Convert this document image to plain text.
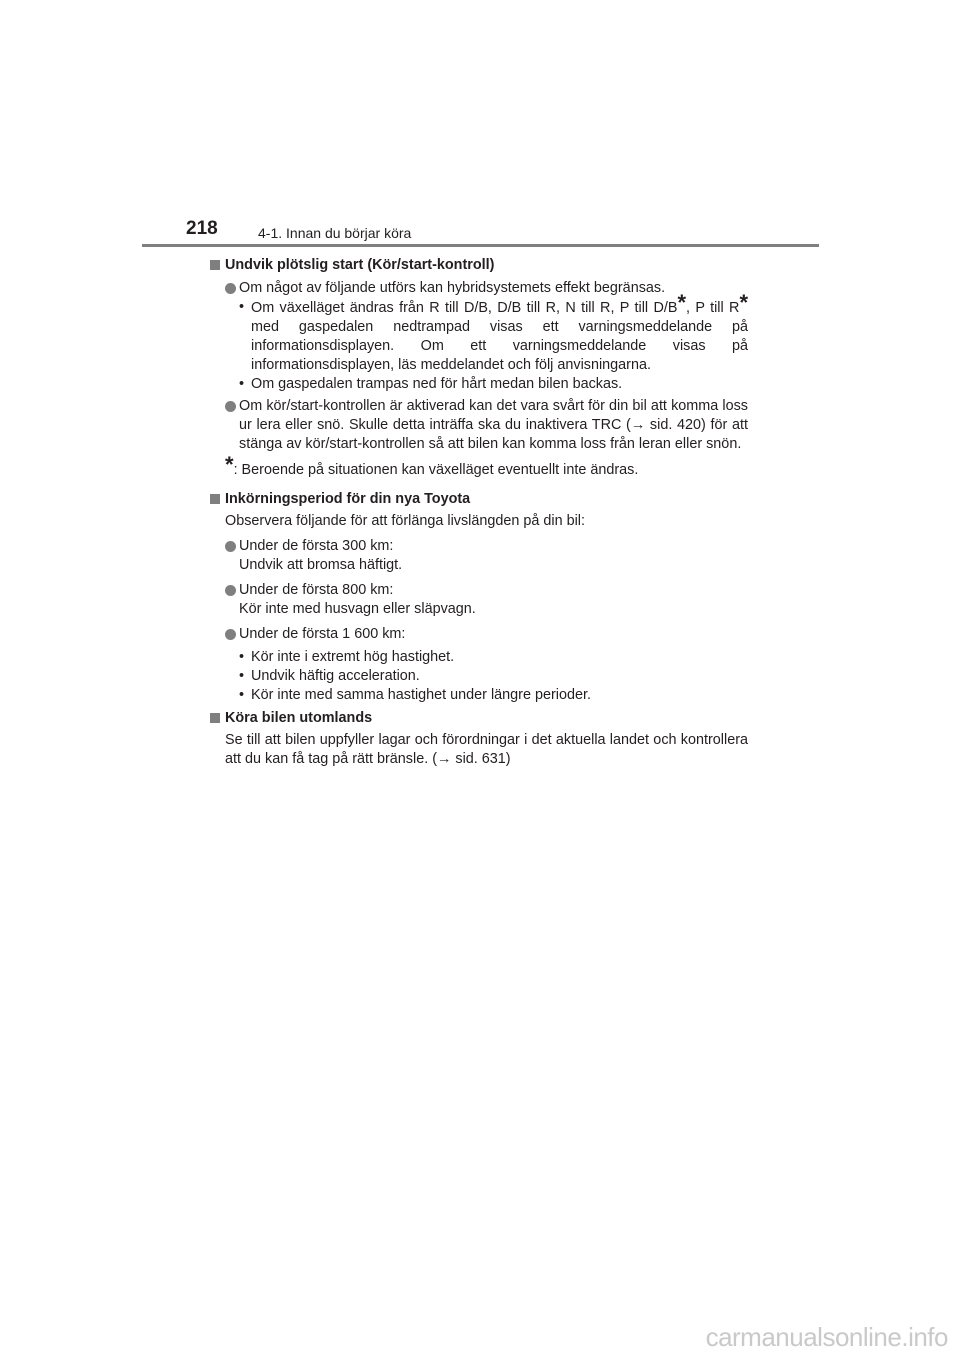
218	4-1. Innan du börjar köra
Undvik plötslig start (Kör/start-kontroll)
Om något av följande utförs kan hybridsystemets effekt begränsas.
• Om växelläget ändras från R till D/B, D/B till R, N till R, P till D/B*, P till R* med gaspedalen nedtrampad visas ett varningsmeddelande på informationsdisplayen. Om ett varningsmeddelande visas på informationsdisplayen, läs meddelandet och följ anvisningarna.
• Om gaspedalen trampas ned för hårt medan bilen backas.
Om kör/start-kontrollen är aktiverad kan det vara svårt för din bil att komma loss ur lera eller snö. Skulle detta inträffa ska du inaktivera TRC (→ sid. 420) för att stänga av kör/start-kontrollen så att bilen kan komma loss från leran eller snön.
*: Beroende på situationen kan växelläget eventuellt inte ändras.
Inkörningsperiod för din nya Toyota
Observera följande för att förlänga livslängden på din bil:
Under de första 300 km:
Undvik att bromsa häftigt.
Under de första 800 km:
Kör inte med husvagn eller släpvagn.
Under de första 1 600 km:
• Kör inte i extremt hög hastighet.
• Undvik häftig acceleration.
• Kör inte med samma hastighet under längre perioder.
Köra bilen utomlands
Se till att bilen uppfyller lagar och förordningar i det aktuella landet och kontrollera att du kan få tag på rätt bränsle. (→ sid. 631)
carmanualsonline.info
